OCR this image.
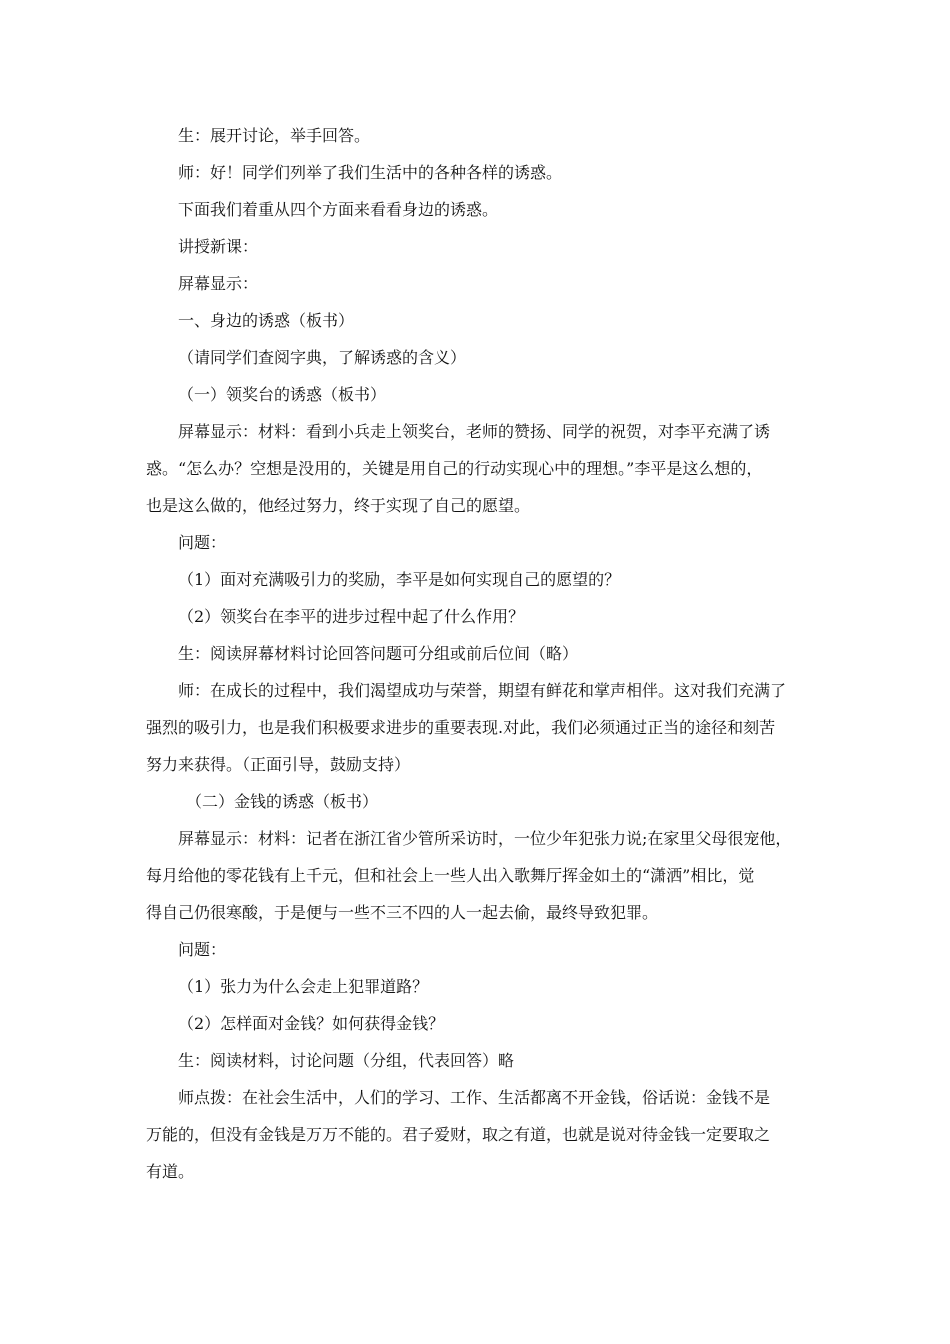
生：展开讨论，举手回答。

师：好！同学们列举了我们生活中的各种各样的诱惑。

下面我们着重从四个方面来看看身边的诱惑。

讲授新课：

屏幕显示：

一、身边的诱惑（板书）

（请同学们查阅字典，了解诱惑的含义）

（一）领奖台的诱惑（板书）

屏幕显示：材料：看到小兵走上领奖台，老师的赞扬、同学的祝贺，对李平充满了诱
惑。“怎么办？空想是没用的，关键是用自己的行动实现心中的理想。”李平是这么想的，
也是这么做的，他经过努力，终于实现了自己的愿望。

问题：

（1）面对充满吸引力的奖励，李平是如何实现自己的愿望的？

（2）领奖台在李平的进步过程中起了什么作用？

生：阅读屏幕材料讨论回答问题可分组或前后位间（略）

师：在成长的过程中，我们渴望成功与荣誉，期望有鲜花和掌声相伴。这对我们充满了
强烈的吸引力，也是我们积极要求进步的重要表现.对此，我们必须通过正当的途径和刻苦
努力来获得。（正面引导，鼓励支持）

（二）金钱的诱惑（板书）

屏幕显示：材料：记者在浙江省少管所采访时，一位少年犯张力说;在家里父母很宠他，
每月给他的零花钱有上千元，但和社会上一些人出入歌舞厅挥金如土的“潇洒”相比，觉
得自己仍很寒酸，于是便与一些不三不四的人一起去偷，最终导致犯罪。

问题：

（1）张力为什么会走上犯罪道路？

（2）怎样面对金钱？如何获得金钱？

生：阅读材料，讨论问题（分组，代表回答）略

师点拨：在社会生活中，人们的学习、工作、生活都离不开金钱，俗话说：金钱不是
万能的，但没有金钱是万万不能的。君子爱财，取之有道，也就是说对待金钱一定要取之
有道。
